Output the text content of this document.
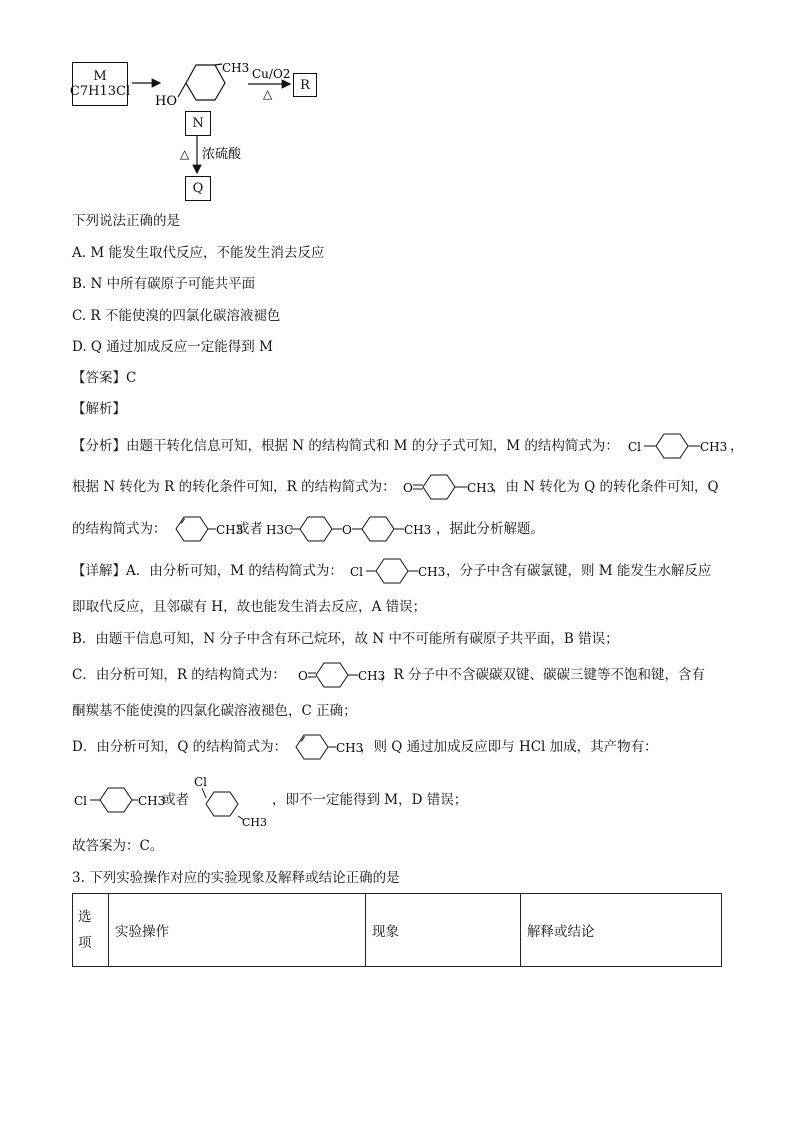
M
C7H13Cl
HO
CH3 Cu/O2
△
△ 浓硫酸
R
N
Q
下列说法正确的是
A. M 能发生取代反应，不能发生消去反应
B. N 中所有碳原子可能共平面
C. R 不能使溴的四氯化碳溶液褪色
D. Q 通过加成反应一定能得到 M
【答案】C
【解析】
【分析】由题干转化信息可知，根据 N 的结构简式和 M 的分子式可知，M 的结构简式为： Cl	CH3 ，
根据 N 转化为 R 的转化条件可知，R 的结构简式为： O	CH3
，由 N 转化为 Q 的转化条件可知，Q
的结构简式为：	CH3
或者 H3C	O	CH3 ，据此分析解题。
【详解】A．由分析可知，M 的结构简式为： Cl	CH3 ，分子中含有碳氯键，则 M 能发生水解反应
即取代反应，且邻碳有 H，故也能发生消去反应，A 错误；
B．由题干信息可知，N 分子中含有环己烷环，故 N 中不可能所有碳原子共平面，B 错误；
C．由分析可知，R 的结构简式为： O	CH3
，R 分子中不含碳碳双键、碳碳三键等不饱和键，含有
酮羰基不能使溴的四氯化碳溶液褪色，C 正确；
D．由分析可知，Q 的结构简式为：	CH3
，则 Q 通过加成反应即与 HCl 加成，其产物有：
Cl	CH3
或者
Cl
CH3
，即不一定能得到 M，D 错误；
故答案为：C。
3. 下列实验操作对应的实验现象及解释或结论正确的是
选项
	实验操作	现象	解释或结论
